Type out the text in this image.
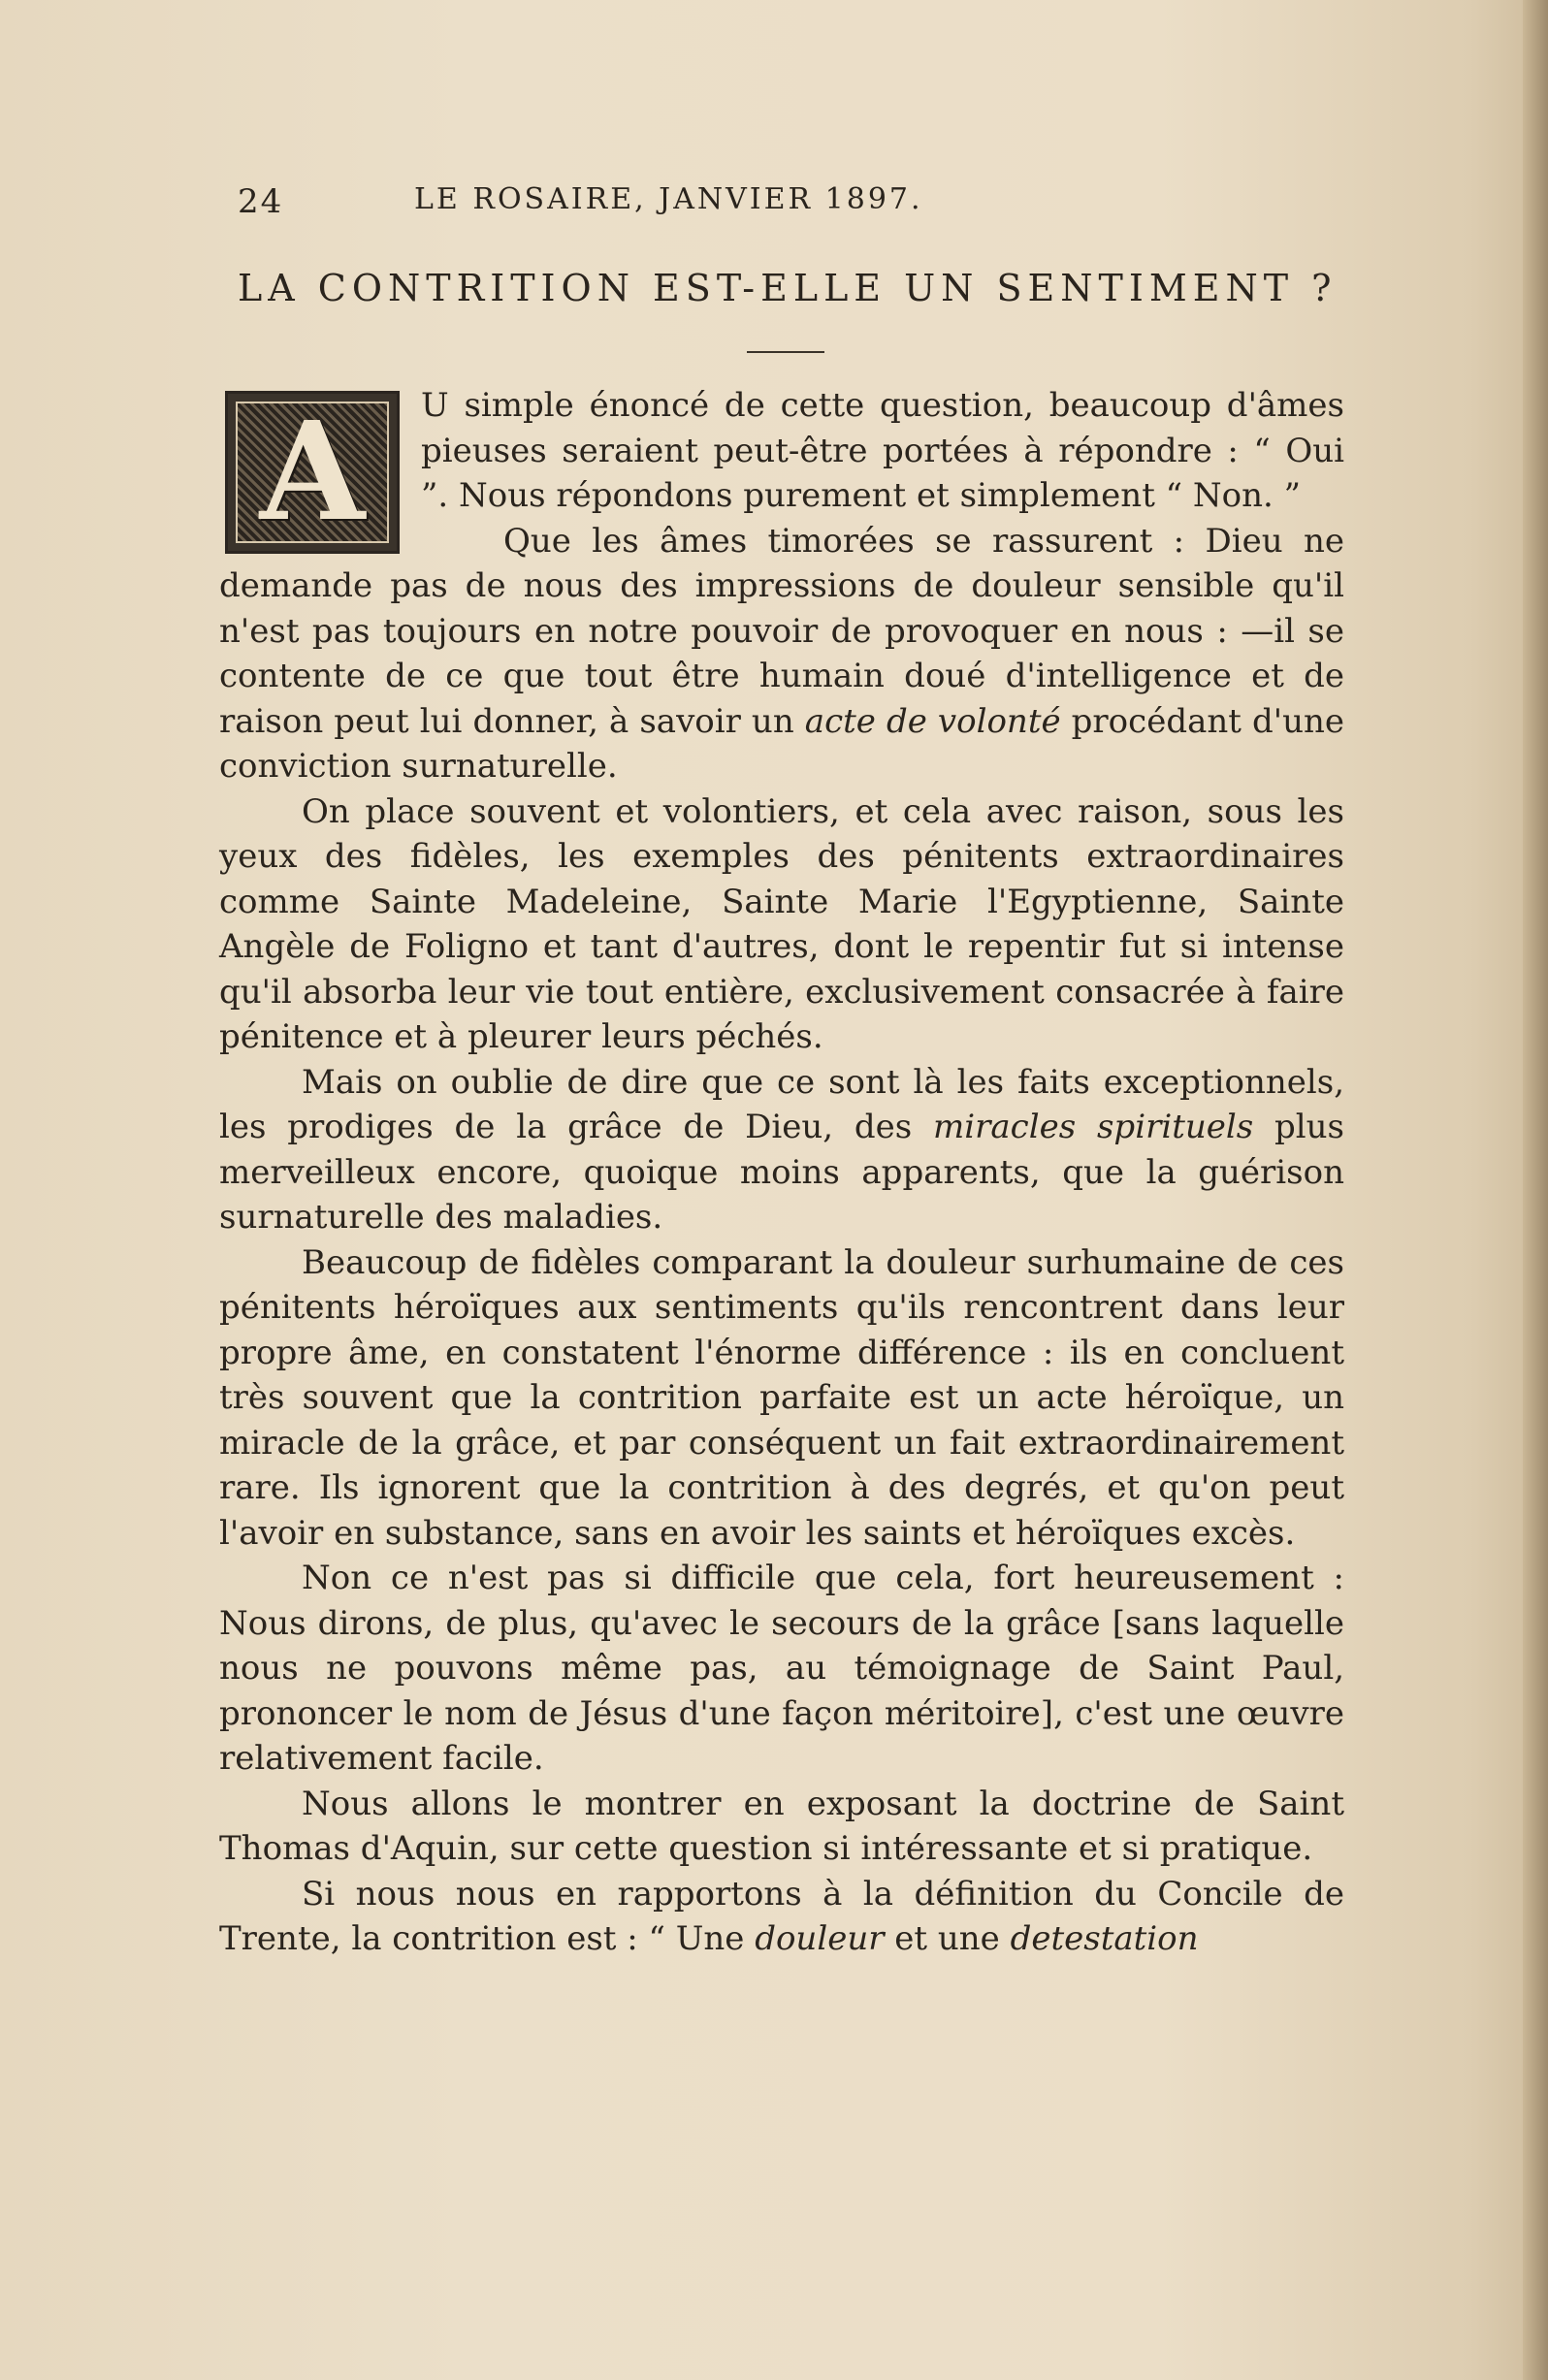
24	LE ROSAIRE, JANVIER 1897.
LA CONTRITION EST-ELLE UN SENTIMENT ?
A	U simple énoncé de cette question, beaucoup d'âmes pieuses seraient peut-être portées à répondre : “ Oui ”. Nous répondons purement et simplement “ Non. ”

Que les âmes timorées se rassurent : Dieu ne demande pas de nous des impressions de douleur sensible qu'il n'est pas toujours en notre pouvoir de provoquer en nous : —il se contente de ce que tout être humain doué d'intelligence et de raison peut lui donner, à savoir un acte de volonté procédant d'une conviction surnaturelle.

On place souvent et volontiers, et cela avec raison, sous les yeux des fidèles, les exemples des pénitents extraordinaires comme Sainte Madeleine, Sainte Marie l'Egyptienne, Sainte Angèle de Foligno et tant d'autres, dont le repentir fut si intense qu'il absorba leur vie tout entière, exclusivement consacrée à faire pénitence et à pleurer leurs péchés.

Mais on oublie de dire que ce sont là les faits exceptionnels, les prodiges de la grâce de Dieu, des miracles spirituels plus merveilleux encore, quoique moins apparents, que la guérison surnaturelle des maladies.

Beaucoup de fidèles comparant la douleur surhumaine de ces pénitents héroïques aux sentiments qu'ils rencontrent dans leur propre âme, en constatent l'énorme différence : ils en concluent très souvent que la contrition parfaite est un acte héroïque, un miracle de la grâce, et par conséquent un fait extraordinairement rare. Ils ignorent que la contrition à des degrés, et qu'on peut l'avoir en substance, sans en avoir les saints et héroïques excès.

Non ce n'est pas si difficile que cela, fort heureusement : Nous dirons, de plus, qu'avec le secours de la grâce [sans laquelle nous ne pouvons même pas, au témoignage de Saint Paul, prononcer le nom de Jésus d'une façon méritoire], c'est une œuvre relativement facile.

Nous allons le montrer en exposant la doctrine de Saint Thomas d'Aquin, sur cette question si intéressante et si pratique.

Si nous nous en rapportons à la définition du Concile de Trente, la contrition est : “ Une douleur et une detestation
